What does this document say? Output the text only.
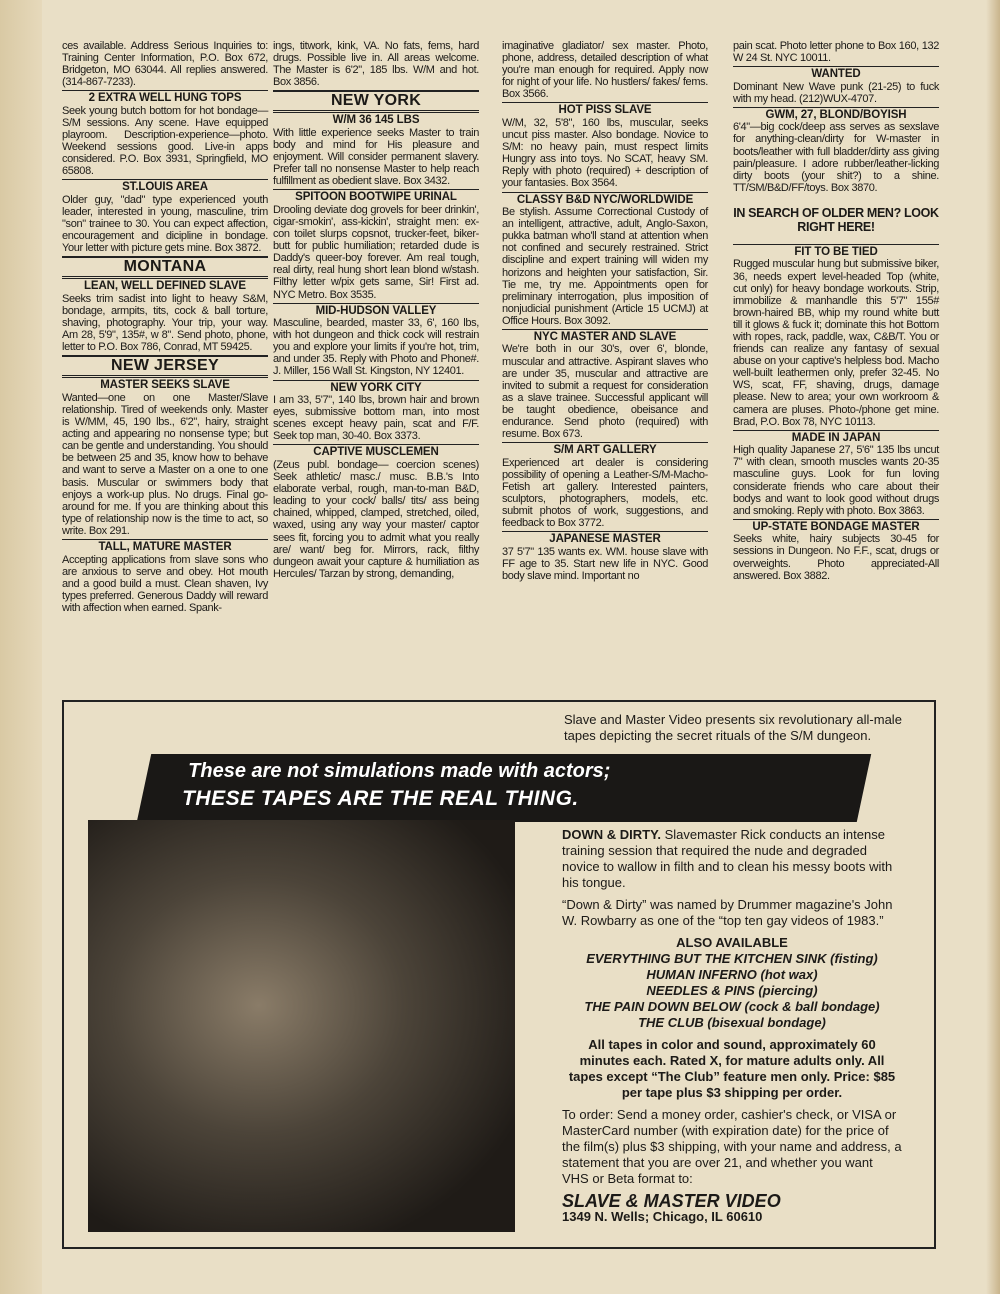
ces available. Address Serious Inquiries to: Training Center Information, P.O. Box 672, Bridgeton, MO 63044. All replies answered. (314-867-7233).

2 EXTRA WELL HUNG TOPS

Seek young butch bottom for hot bondage—S/M sessions. Any scene. Have equipped playroom. Description-experience—photo. Weekend sessions good. Live-in apps considered. P.O. Box 3931, Springfield, MO 65808.

ST.LOUIS AREA

Older guy, "dad" type experienced youth leader, interested in young, masculine, trim "son" trainee to 30. You can expect affection, encouragement and dicipline in bondage. Your letter with picture gets mine. Box 3872.

MONTANA
LEAN, WELL DEFINED SLAVE

Seeks trim sadist into light to heavy S&M, bondage, armpits, tits, cock & ball torture, shaving, photography. Your trip, your way. Am 28, 5'9", 135#, w 8". Send photo, phone, letter to P.O. Box 786, Conrad, MT 59425.

NEW JERSEY
MASTER SEEKS SLAVE

Wanted—one on one Master/Slave relationship. Tired of weekends only. Master is W/MM, 45, 190 lbs., 6'2", hairy, straight acting and appearing no nonsense type; but can be gentle and understanding. You should be between 25 and 35, know how to behave and want to serve a Master on a one to one basis. Muscular or swimmers body that enjoys a work-up plus. No drugs. Final go-around for me. If you are thinking about this type of relationship now is the time to act, so write. Box 291.

TALL, MATURE MASTER

Accepting applications from slave sons who are anxious to serve and obey. Hot mouth and a good build a must. Clean shaven, Ivy types preferred. Generous Daddy will reward with affection when earned. Spank-

ings, titwork, kink, VA. No fats, fems, hard drugs. Possible live in. All areas welcome. The Master is 6'2", 185 lbs. W/M and hot. Box 3856.

NEW YORK
W/M 36 145 LBS

With little experience seeks Master to train body and mind for His pleasure and enjoyment. Will consider permanent slavery. Prefer tall no nonsense Master to help reach fulfillment as obedient slave. Box 3432.

SPITOON BOOTWIPE URINAL

Drooling deviate dog grovels for beer drinkin', cigar-smokin', ass-kickin', straight men: ex-con toilet slurps copsnot, trucker-feet, biker-butt for public humiliation; retarded dude is Daddy's queer-boy forever. Am real tough, real dirty, real hung short lean blond w/stash. Filthy letter w/pix gets same, Sir! First ad. NYC Metro. Box 3535.

MID-HUDSON VALLEY

Masculine, bearded, master 33, 6', 160 lbs, with hot dungeon and thick cock will restrain you and explore your limits if you're hot, trim, and under 35. Reply with Photo and Phone#. J. Miller, 156 Wall St. Kingston, NY 12401.

NEW YORK CITY

I am 33, 5'7", 140 lbs, brown hair and brown eyes, submissive bottom man, into most scenes except heavy pain, scat and F/F. Seek top man, 30-40. Box 3373.

CAPTIVE MUSCLEMEN

(Zeus publ. bondage— coercion scenes) Seek athletic/ masc./ musc. B.B.'s Into elaborate verbal, rough, man-to-man B&D, leading to your cock/ balls/ tits/ ass being chained, whipped, clamped, stretched, oiled, waxed, using any way your master/ captor sees fit, forcing you to admit what you really are/ want/ beg for. Mirrors, rack, filthy dungeon await your capture & humiliation as Hercules/ Tarzan by strong, demanding,

imaginative gladiator/ sex master. Photo, phone, address, detailed description of what you're man enough for required. Apply now for night of your life. No hustlers/ fakes/ fems. Box 3566.

HOT PISS SLAVE

W/M, 32, 5'8", 160 lbs, muscular, seeks uncut piss master. Also bondage. Novice to S/M: no heavy pain, must respect limits Hungry ass into toys. No SCAT, heavy SM. Reply with photo (required) + description of your fantasies. Box 3564.

CLASSY B&D NYC/WORLDWIDE

Be stylish. Assume Correctional Custody of an intelligent, attractive, adult, Anglo-Saxon, pukka batman who'll stand at attention when not confined and securely restrained. Strict discipline and expert training will widen my horizons and heighten your satisfaction, Sir. Tie me, try me. Appointments open for preliminary interrogation, plus imposition of nonjudicial punishment (Article 15 UCMJ) at Office Hours. Box 3092.

NYC MASTER AND SLAVE

We're both in our 30's, over 6', blonde, muscular and attractive. Aspirant slaves who are under 35, muscular and attractive are invited to submit a request for consideration as a slave trainee. Successful applicant will be taught obedience, obeisance and endurance. Send photo (required) with resume. Box 673.

S/M ART GALLERY

Experienced art dealer is considering possibility of opening a Leather-S/M-Macho-Fetish art gallery. Interested painters, sculptors, photographers, models, etc. submit photos of work, suggestions, and feedback to Box 3772.

JAPANESE MASTER

37 5'7" 135 wants ex. WM. house slave with FF age to 35. Start new life in NYC. Good body slave mind. Important no

pain scat. Photo letter phone to Box 160, 132 W 24 St. NYC 10011.

WANTED

Dominant New Wave punk (21-25) to fuck with my head. (212)WUX-4707.

GWM, 27, BLOND/BOYISH

6'4"—big cock/deep ass serves as sexslave for anything-clean/dirty for W-master in boots/leather with full bladder/dirty ass giving pain/pleasure. I adore rubber/leather-licking dirty boots (your shit?) to a shine. TT/SM/B&D/FF/toys. Box 3870.

IN SEARCH OF OLDER MEN? LOOK RIGHT HERE!
FIT TO BE TIED

Rugged muscular hung but submissive biker, 36, needs expert level-headed Top (white, cut only) for heavy bondage workouts. Strip, immobilize & manhandle this 5'7" 155# brown-haired BB, whip my round white butt till it glows & fuck it; dominate this hot Bottom with ropes, rack, paddle, wax, C&B/T. You or friends can realize any fantasy of sexual abuse on your captive's helpless bod. Macho well-built leathermen only, prefer 32-45. No WS, scat, FF, shaving, drugs, damage please. New to area; your own workroom & camera are pluses. Photo-/phone get mine. Brad, P.O. Box 78, NYC 10113.

MADE IN JAPAN

High quality Japanese 27, 5'6" 135 lbs uncut 7" with clean, smooth muscles wants 20-35 masculine guys. Look for fun loving considerate friends who care about their bodys and want to look good without drugs and smoking. Reply with photo. Box 3863.

UP-STATE BONDAGE MASTER

Seeks white, hairy subjects 30-45 for sessions in Dungeon. No F.F., scat, drugs or overweights. Photo appreciated-All answered. Box 3882.

Slave and Master Video presents six revolutionary all-male tapes depicting the secret rituals of the S/M dungeon.
These are not simulations made with actors;
THESE TAPES ARE THE REAL THING.

DOWN & DIRTY. Slavemaster Rick conducts an intense training session that required the nude and degraded novice to wallow in filth and to clean his messy boots with his tongue.

“Down & Dirty” was named by Drummer magazine's John W. Rowbarry as one of the “top ten gay videos of 1983.”

ALSO AVAILABLE
EVERYTHING BUT THE KITCHEN SINK (fisting)
HUMAN INFERNO (hot wax)
NEEDLES & PINS (piercing)
THE PAIN DOWN BELOW (cock & ball bondage)
THE CLUB (bisexual bondage)

All tapes in color and sound, approximately 60 minutes each. Rated X, for mature adults only. All tapes except “The Club” feature men only. Price: $85 per tape plus $3 shipping per order.

To order: Send a money order, cashier's check, or VISA or MasterCard number (with expiration date) for the price of the film(s) plus $3 shipping, with your name and address, a statement that you are over 21, and whether you want VHS or Beta format to:

SLAVE & MASTER VIDEO
1349 N. Wells; Chicago, IL 60610
